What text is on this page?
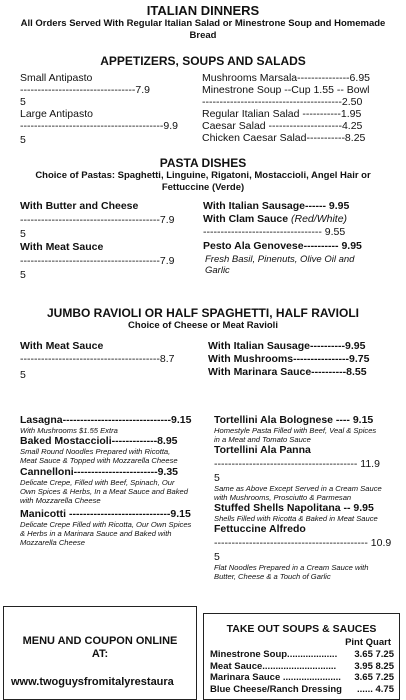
ITALIAN DINNERS
All Orders Served With Regular Italian Salad or Minestrone Soup and Homemade Bread
APPETIZERS, SOUPS AND SALADS
Small Antipasto
---------------------------------7.9
5
Large Antipasto
-----------------------------------------9.9
5
Mushrooms Marsala---------------6.95
Minestrone Soup --Cup 1.55 -- Bowl
----------------------------------------2.50
Regular Italian Salad -----------1.95
Caesar Salad ---------------------4.25
Chicken Caesar Salad-----------8.25
PASTA DISHES
Choice of Pastas: Spaghetti, Linguine, Rigatoni, Mostaccioli, Angel Hair or Fettuccine (Verde)
With Butter and Cheese
----------------------------------------7.9
5
With Meat Sauce
----------------------------------------7.9
5
With Italian Sausage------ 9.95
With Clam Sauce (Red/White)
---------------------------------- 9.55
Pesto Ala Genovese---------- 9.95
Fresh Basil, Pinenuts, Olive Oil and Garlic
JUMBO RAVIOLI OR HALF SPAGHETTI, HALF RAVIOLI
Choice of Cheese or Meat Ravioli
With Meat Sauce
----------------------------------------8.7
5
With Italian Sausage----------9.95
With Mushrooms----------------9.75
With Marinara Sauce----------8.55
Lasagna-------------------------------9.15
With Mushrooms $1.55 Extra
Baked Mostaccioli-------------8.95
Small Round Noodles Prepared with Ricotta, Meat Sauce & Topped with Mozzarella Cheese
Cannelloni------------------------9.35
Delicate Crepe, Filled with Beef, Spinach, Our Own Spices & Herbs, In a Meat Sauce and Baked with Mozzarella Cheese
Manicotti -----------------------------9.15
Delicate Crepe Filled with Ricotta, Our Own Spices & Herbs in a Marinara Sauce and Baked with Mozzarella Cheese
Tortellini Ala Bolognese ---- 9.15
Homestyle Pasta Filled with Beef, Veal & Spices in a Meat and Tomato Sauce
Tortellini Ala Panna
----------------------------------------- 11.9
5
Same as Above Except Served in a Cream Sauce with Mushrooms, Prosciutto & Parmesan
Stuffed Shells Napolitana -- 9.95
Shells Filled with Ricotta & Baked in Meat Sauce
Fettuccine Alfredo
-------------------------------------------- 10.9
5
Flat Noodles Prepared in a Cream Sauce with Butter, Cheese & a Touch of Garlic
MENU AND COUPON ONLINE
AT:
www.twoguysfromitalyrestaura
TAKE OUT SOUPS & SAUCES
Pint Quart
Minestrone Soup................... 3.65 7.25
Meat Sauce............................ 3.95 8.25
Marinara Sauce ...................... 3.65 7.25
Blue Cheese/Ranch Dressing ...... 4.75
